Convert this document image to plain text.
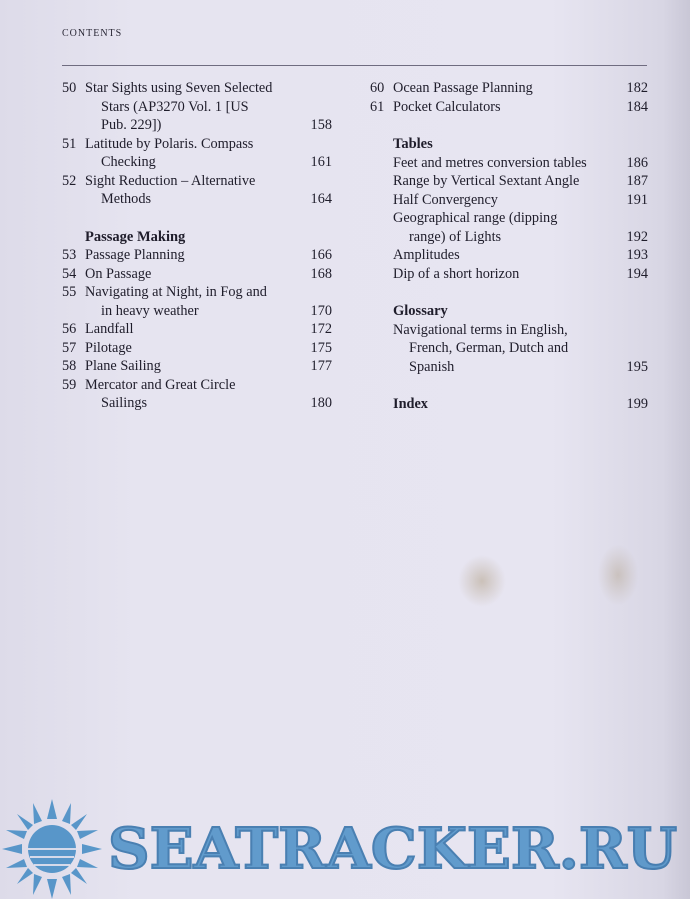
CONTENTS
50 Star Sights using Seven Selected
Stars (AP3270 Vol. 1 [US
Pub. 229])	158
51 Latitude by Polaris. Compass
Checking	161
52 Sight Reduction – Alternative
Methods	164
Passage Making
53 Passage Planning	166
54 On Passage	168
55 Navigating at Night, in Fog and
in heavy weather	170
56 Landfall	172
57 Pilotage	175
58 Plane Sailing	177
59 Mercator and Great Circle
Sailings	180
60 Ocean Passage Planning	182
61 Pocket Calculators	184
Tables
Feet and metres conversion tables	186
Range by Vertical Sextant Angle	187
Half Convergency	191
Geographical range (dipping
range) of Lights	192
Amplitudes	193
Dip of a short horizon	194
Glossary
Navigational terms in English,
French, German, Dutch and
Spanish	195
Index	199
SEATRACKER.RU
